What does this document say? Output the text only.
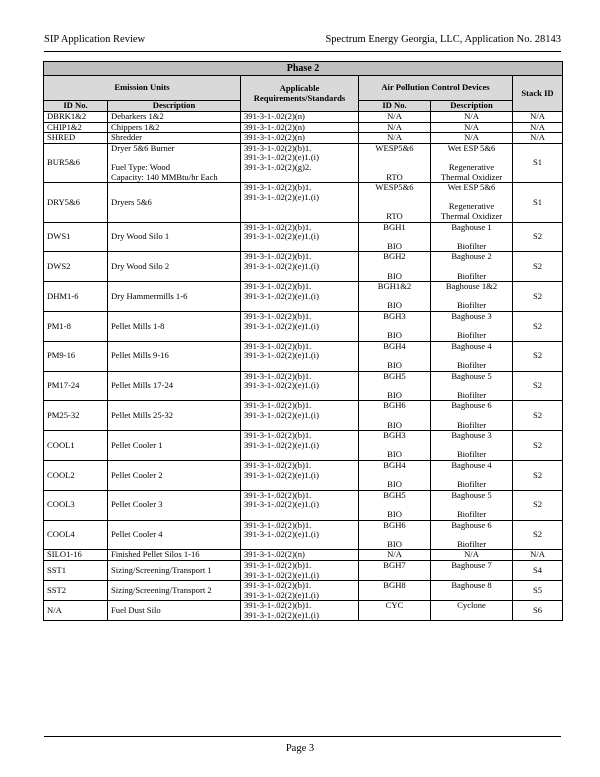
SIP Application Review	Spectrum Energy Georgia, LLC, Application No. 28143
Phase 2					
Emission Units		Applicable Requirements/Standards	Air Pollution Control Devices		Stack ID
ID No.	Description		ID No.	Description	
DBRK1&2	Debarkers 1&2	391-3-1-.02(2)(n)	N/A	N/A	N/A
CHIP1&2	Chippers 1&2	391-3-1-.02(2)(n)	N/A	N/A	N/A
SHRED	Shredder	391-3-1-.02(2)(n)	N/A	N/A	N/A
BUR5&6	Dryer 5&6 Burner
Fuel Type: Wood
Capacity: 140 MMBtu/hr Each	391-3-1-.02(2)(b)1.
391-3-1-.02(2)(e)1.(i)
391-3-1-.02(2)(g)2.	WESP5&6
RTO	Wet ESP 5&6
Regenerative
Thermal Oxidizer	S1
DRY5&6	Dryers 5&6	391-3-1-.02(2)(b)1.
391-3-1-.02(2)(e)1.(i)	WESP5&6
RTO	Wet ESP 5&6
Regenerative
Thermal Oxidizer	S1
DWS1	Dry Wood Silo 1	391-3-1-.02(2)(b)1.
391-3-1-.02(2)(e)1.(i)	BGH1
BIO	Baghouse 1
Biofilter	S2
DWS2	Dry Wood Silo 2	391-3-1-.02(2)(b)1.
391-3-1-.02(2)(e)1.(i)	BGH2
BIO	Baghouse 2
Biofilter	S2
DHM1-6	Dry Hammermills 1-6	391-3-1-.02(2)(b)1.
391-3-1-.02(2)(e)1.(i)	BGH1&2
BIO	Baghouse 1&2
Biofilter	S2
PM1-8	Pellet Mills 1-8	391-3-1-.02(2)(b)1.
391-3-1-.02(2)(e)1.(i)	BGH3
BIO	Baghouse 3
Biofilter	S2
PM9-16	Pellet Mills 9-16	391-3-1-.02(2)(b)1.
391-3-1-.02(2)(e)1.(i)	BGH4
BIO	Baghouse 4
Biofilter	S2
PM17-24	Pellet Mills 17-24	391-3-1-.02(2)(b)1.
391-3-1-.02(2)(e)1.(i)	BGH5
BIO	Baghouse 5
Biofilter	S2
PM25-32	Pellet Mills 25-32	391-3-1-.02(2)(b)1.
391-3-1-.02(2)(e)1.(i)	BGH6
BIO	Baghouse 6
Biofilter	S2
COOL1	Pellet Cooler 1	391-3-1-.02(2)(b)1.
391-3-1-.02(2)(e)1.(i)	BGH3
BIO	Baghouse 3
Biofilter	S2
COOL2	Pellet Cooler 2	391-3-1-.02(2)(b)1.
391-3-1-.02(2)(e)1.(i)	BGH4
BIO	Baghouse 4
Biofilter	S2
COOL3	Pellet Cooler 3	391-3-1-.02(2)(b)1.
391-3-1-.02(2)(e)1.(i)	BGH5
BIO	Baghouse 5
Biofilter	S2
COOL4	Pellet Cooler 4	391-3-1-.02(2)(b)1.
391-3-1-.02(2)(e)1.(i)	BGH6
BIO	Baghouse 6
Biofilter	S2
SILO1-16	Finished Pellet Silos 1-16	391-3-1-.02(2)(n)	N/A	N/A	N/A
SST1	Sizing/Screening/Transport 1	391-3-1-.02(2)(b)1.
391-3-1-.02(2)(e)1.(i)	BGH7	Baghouse 7	S4
SST2	Sizing/Screening/Transport 2	391-3-1-.02(2)(b)1.
391-3-1-.02(2)(e)1.(i)	BGH8	Baghouse 8	S5
N/A	Fuel Dust Silo	391-3-1-.02(2)(b)1.
391-3-1-.02(2)(e)1.(i)	CYC	Cyclone	S6
Page 3
